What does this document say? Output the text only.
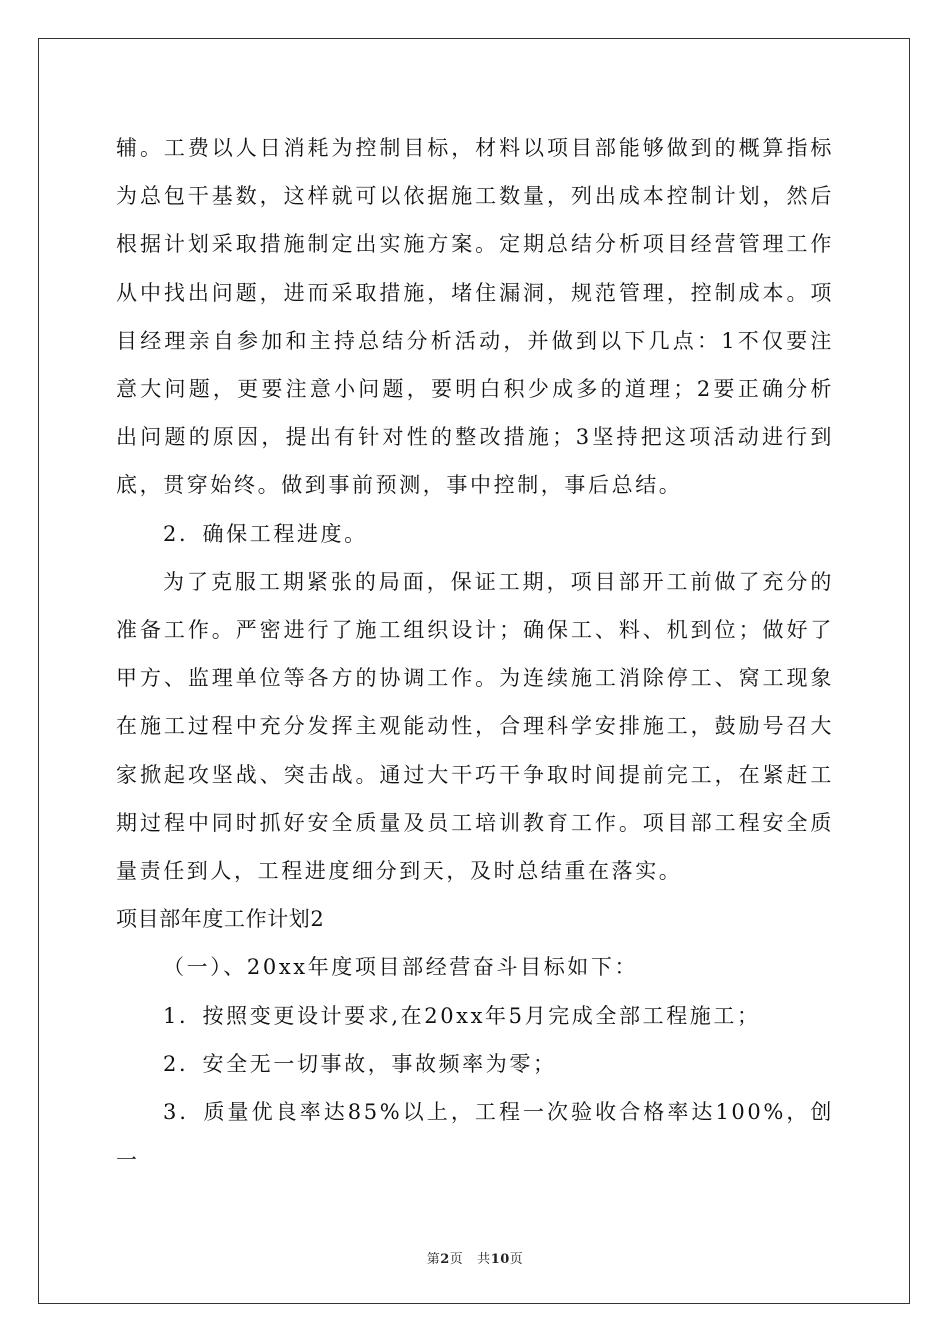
辅。工费以人日消耗为控制目标，材料以项目部能够做到的概算指标为总包干基数，这样就可以依据施工数量，列出成本控制计划，然后根据计划采取措施制定出实施方案。定期总结分析项目经营管理工作从中找出问题，进而采取措施，堵住漏洞，规范管理，控制成本。项目经理亲自参加和主持总结分析活动，并做到以下几点：1不仅要注意大问题，更要注意小问题，要明白积少成多的道理；2要正确分析出问题的原因，提出有针对性的整改措施；3坚持把这项活动进行到底，贯穿始终。做到事前预测，事中控制，事后总结。

2．确保工程进度。

为了克服工期紧张的局面，保证工期，项目部开工前做了充分的准备工作。严密进行了施工组织设计；确保工、料、机到位；做好了甲方、监理单位等各方的协调工作。为连续施工消除停工、窝工现象在施工过程中充分发挥主观能动性，合理科学安排施工，鼓励号召大家掀起攻坚战、突击战。通过大干巧干争取时间提前完工，在紧赶工期过程中同时抓好安全质量及员工培训教育工作。项目部工程安全质量责任到人，工程进度细分到天，及时总结重在落实。

项目部年度工作计划2

（一）、20xx年度项目部经营奋斗目标如下：

1．按照变更设计要求,在20xx年5月完成全部工程施工；

2．安全无一切事故，事故频率为零；

3．质量优良率达85%以上，工程一次验收合格率达100%，创一

第2页 共10页
